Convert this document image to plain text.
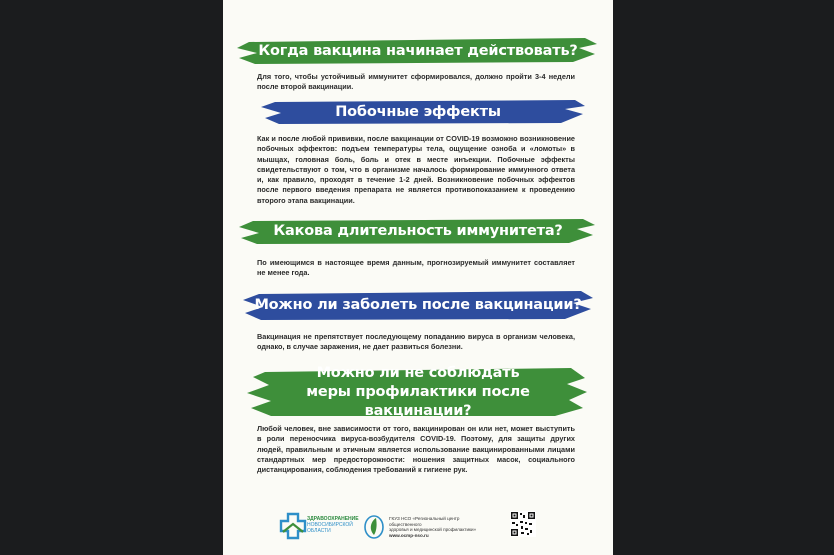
Когда вакцина начинает действовать?

Для того, чтобы устойчивый иммунитет сформировался, должно пройти 3-4 недели после второй вакцинации.

Побочные эффекты

Как и после любой прививки, после вакцинации от COVID-19 возможно возникновение побочных эффектов: подъем температуры тела, ощущение озноба и «ломоты» в мышцах, головная боль, боль и отек в месте инъекции. Побочные эффекты свидетельствуют о том, что в организме началось формирование иммунного ответа и, как правило, проходят в течение 1-2 дней. Возникновение побочных эффектов после первого введения препарата не является противопоказанием к проведению второго этапа вакцинации.

Какова длительность иммунитета?

По имеющимся в настоящее время данным, прогнозируемый иммунитет составляет не менее года.

Можно ли заболеть после вакцинации?

Вакцинация не препятствует последующему попаданию вируса в организм человека, однако, в случае заражения, не дает развиться болезни.

Можно ли не соблюдать меры профилактики после вакцинации?

Любой человек, вне зависимости от того, вакцинирован он или нет, может выступить в роли переносчика вируса-возбудителя COVID-19. Поэтому, для защиты других людей, правильным и этичным является использование вакцинированными лицами стандартных мер предосторожности: ношения защитных масок, социального дистанцирования, соблюдения требований к гигиене рук.

ЗДРАВООХРАНЕНИЕ
НОВОСИБИРСКОЙ ОБЛАСТИ
ГКУЗ НСО «Региональный центр общественного
здоровья и медицинской профилактики»
www.ocmp-nso.ru
